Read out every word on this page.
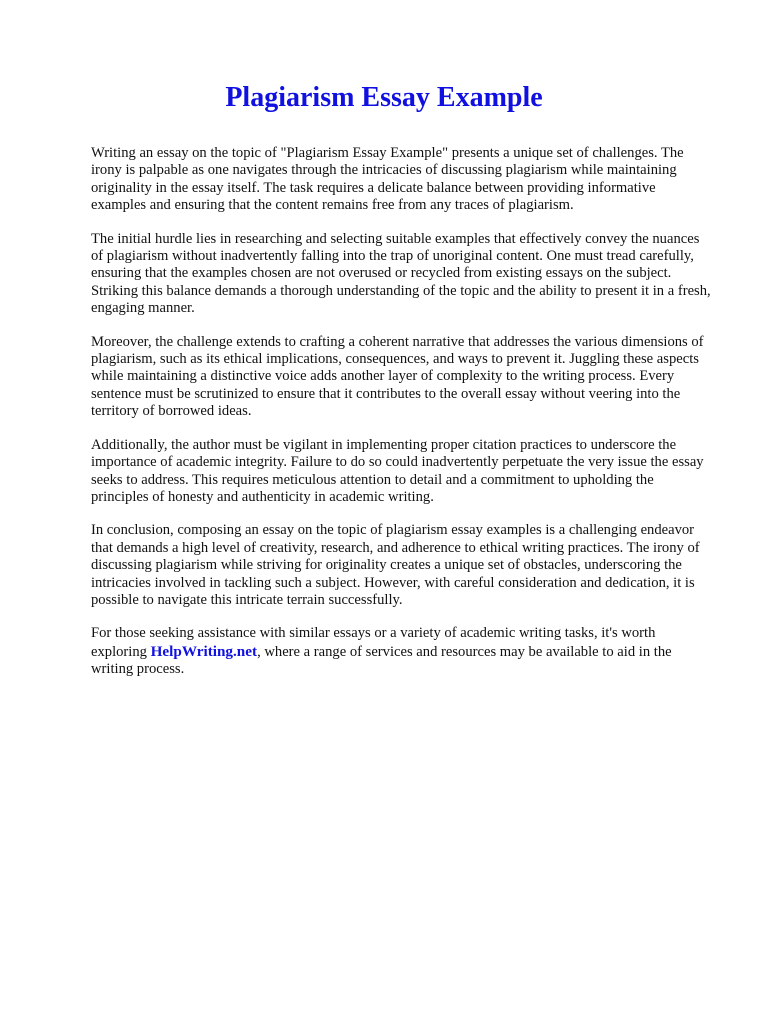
Plagiarism Essay Example

Writing an essay on the topic of "Plagiarism Essay Example" presents a unique set of challenges. The irony is palpable as one navigates through the intricacies of discussing plagiarism while maintaining originality in the essay itself. The task requires a delicate balance between providing informative examples and ensuring that the content remains free from any traces of plagiarism.

The initial hurdle lies in researching and selecting suitable examples that effectively convey the nuances of plagiarism without inadvertently falling into the trap of unoriginal content. One must tread carefully, ensuring that the examples chosen are not overused or recycled from existing essays on the subject. Striking this balance demands a thorough understanding of the topic and the ability to present it in a fresh, engaging manner.

Moreover, the challenge extends to crafting a coherent narrative that addresses the various dimensions of plagiarism, such as its ethical implications, consequences, and ways to prevent it. Juggling these aspects while maintaining a distinctive voice adds another layer of complexity to the writing process. Every sentence must be scrutinized to ensure that it contributes to the overall essay without veering into the territory of borrowed ideas.

Additionally, the author must be vigilant in implementing proper citation practices to underscore the importance of academic integrity. Failure to do so could inadvertently perpetuate the very issue the essay seeks to address. This requires meticulous attention to detail and a commitment to upholding the principles of honesty and authenticity in academic writing.

In conclusion, composing an essay on the topic of plagiarism essay examples is a challenging endeavor that demands a high level of creativity, research, and adherence to ethical writing practices. The irony of discussing plagiarism while striving for originality creates a unique set of obstacles, underscoring the intricacies involved in tackling such a subject. However, with careful consideration and dedication, it is possible to navigate this intricate terrain successfully.

For those seeking assistance with similar essays or a variety of academic writing tasks, it's worth exploring HelpWriting.net, where a range of services and resources may be available to aid in the writing process.
